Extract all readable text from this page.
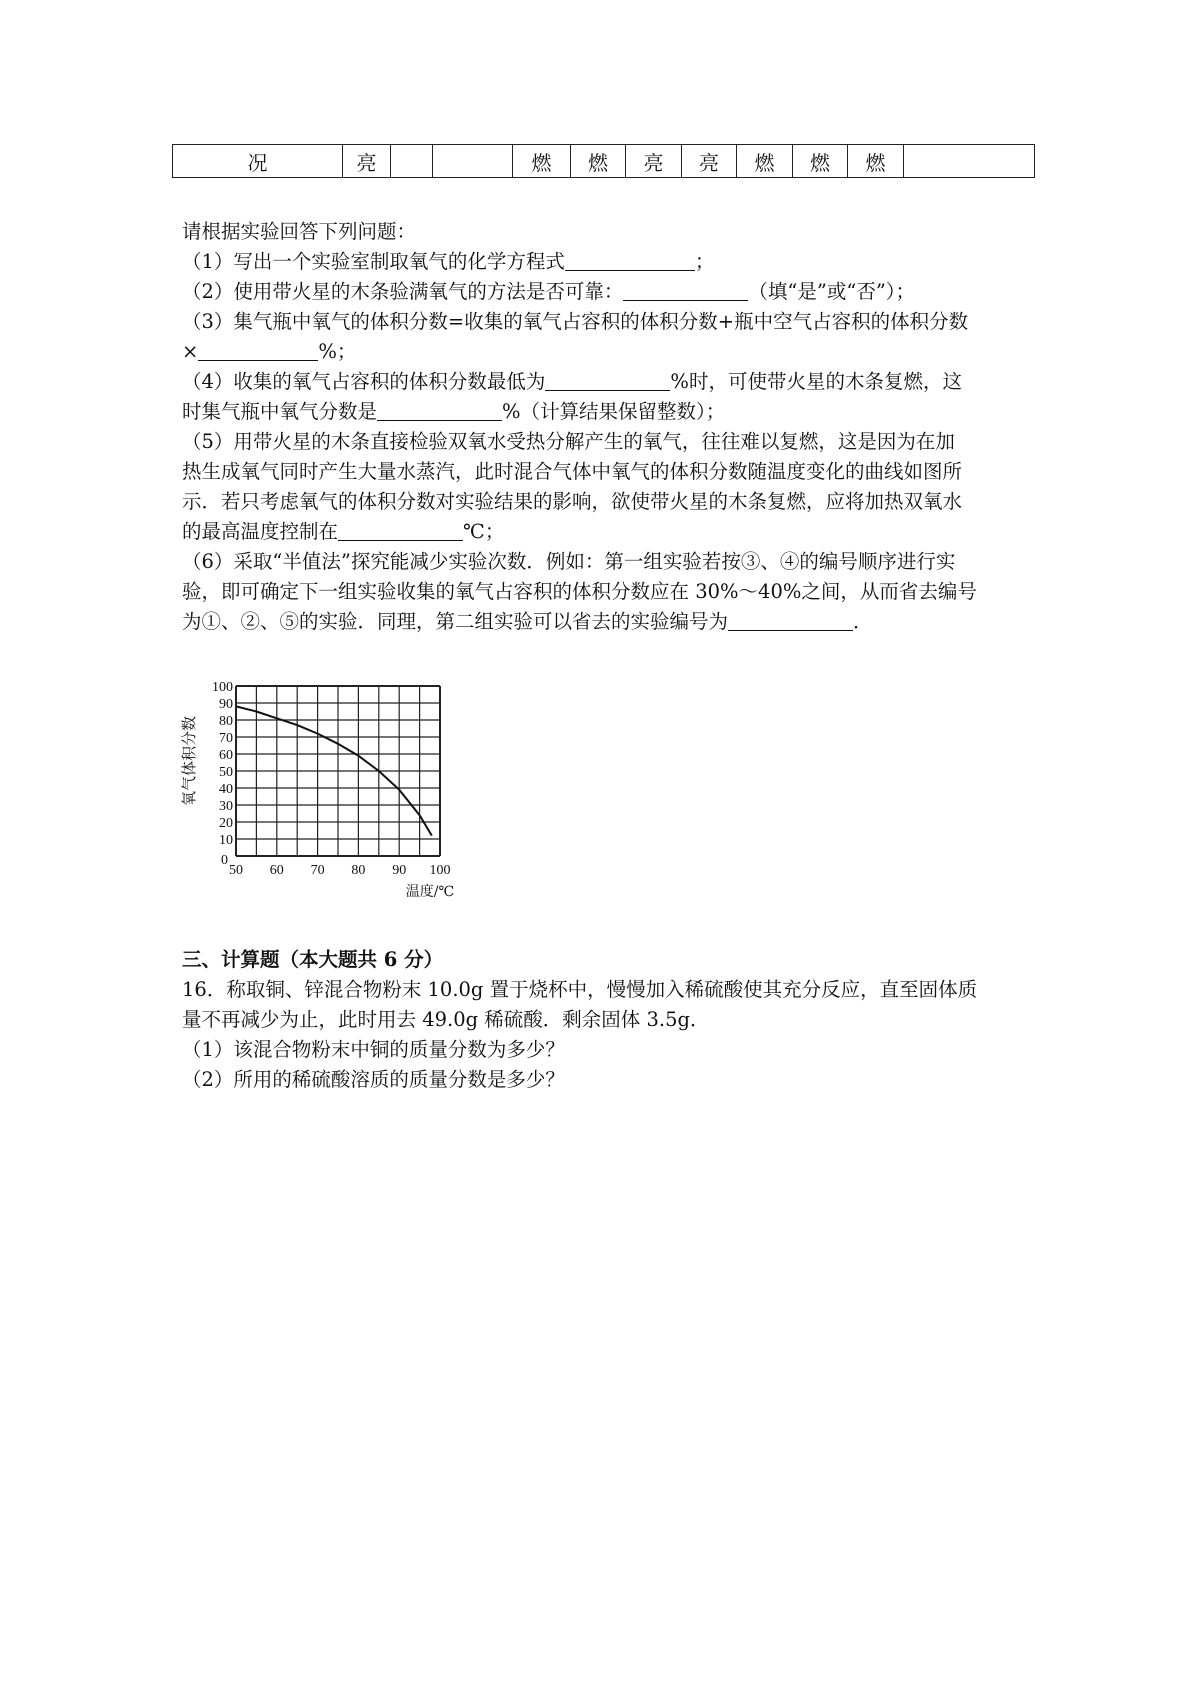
况	亮			燃	燃	亮	亮	燃	燃	燃	
请根据实验回答下列问题：
（1）写出一个实验室制取氧气的化学方程式	；
（2）使用带火星的木条验满氧气的方法是否可靠：	（填“是”或“否”）；
（3）集气瓶中氧气的体积分数=收集的氧气占容积的体积分数+瓶中空气占容积的体积分数
×	%；
（4）收集的氧气占容积的体积分数最低为	%时，可使带火星的木条复燃，这
时集气瓶中氧气分数是	%（计算结果保留整数）；
（5）用带火星的木条直接检验双氧水受热分解产生的氧气，往往难以复燃，这是因为在加
热生成氧气同时产生大量水蒸汽，此时混合气体中氧气的体积分数随温度变化的曲线如图所
示．若只考虑氧气的体积分数对实验结果的影响，欲使带火星的木条复燃，应将加热双氧水
的最高温度控制在	℃；
（6）采取“半值法”探究能减少实验次数．例如：第一组实验若按③、④的编号顺序进行实
验，即可确定下一组实验收集的氧气占容积的体积分数应在 30%～40%之间，从而省去编号
为①、②、⑤的实验．同理，第二组实验可以省去的实验编号为	．
50 60 70 80 90 100
10
20
30
40
50
60
70
80
90
100
0
氧气体积分数
温度/℃
三、计算题（本大题共 6 分）
16．称取铜、锌混合物粉末 10.0g 置于烧杯中，慢慢加入稀硫酸使其充分反应，直至固体质
量不再减少为止，此时用去 49.0g 稀硫酸．剩余固体 3.5g．
（1）该混合物粉末中铜的质量分数为多少？
（2）所用的稀硫酸溶质的质量分数是多少？
